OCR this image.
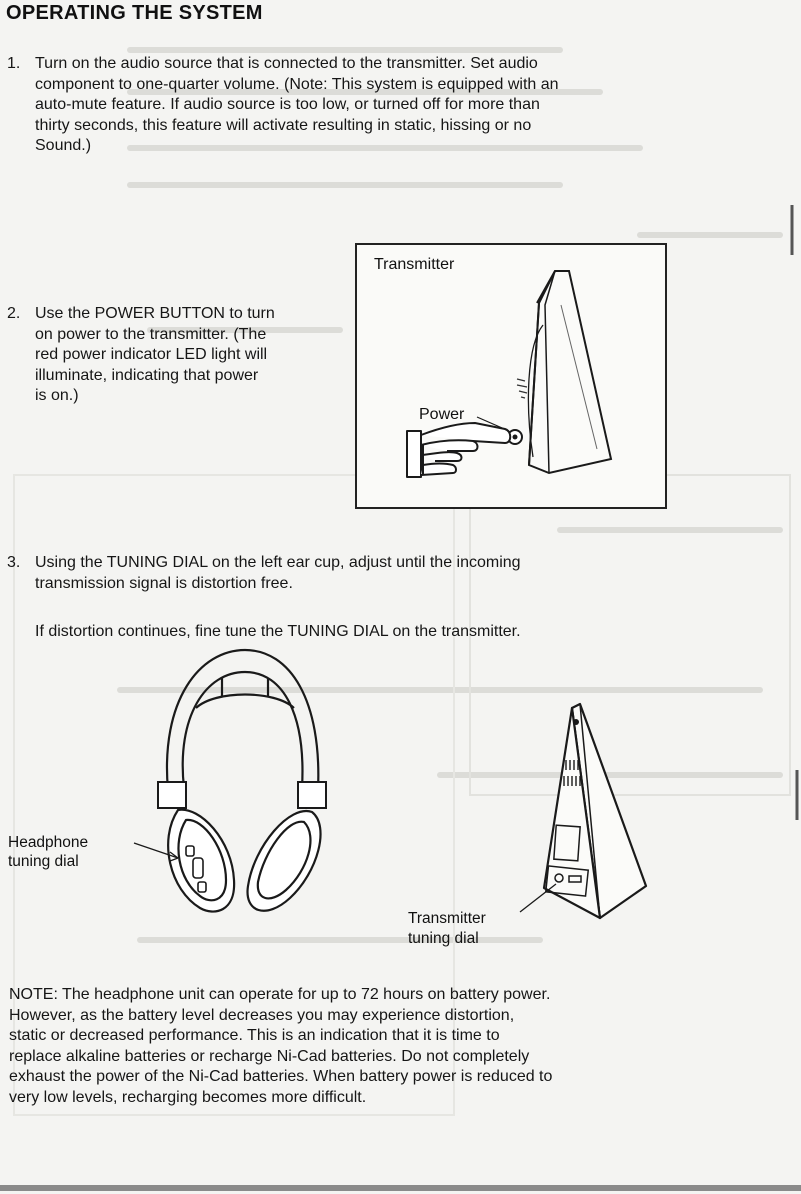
OPERATING THE SYSTEM
1. Turn on the audio source that is connected to the transmitter. Set audio
component to one-quarter volume. (Note: This system is equipped with an
auto-mute feature. If audio source is too low, or turned off for more than
thirty seconds, this feature will activate resulting in static, hissing or no
Sound.)
2. Use the POWER BUTTON to turn
on power to the transmitter. (The
red power indicator LED light will
illuminate, indicating that power
is on.)
Transmitter
Power
3. Using the TUNING DIAL on the left ear cup, adjust until the incoming
transmission signal is distortion free.
If distortion continues, fine tune the TUNING DIAL on the transmitter.
Headphone
tuning dial
Transmitter
tuning dial
NOTE: The headphone unit can operate for up to 72 hours on battery power.
However, as the battery level decreases you may experience distortion,
static or decreased performance. This is an indication that it is time to
replace alkaline batteries or recharge Ni-Cad batteries. Do not completely
exhaust the power of the Ni-Cad batteries. When battery power is reduced to
very low levels, recharging becomes more difficult.
